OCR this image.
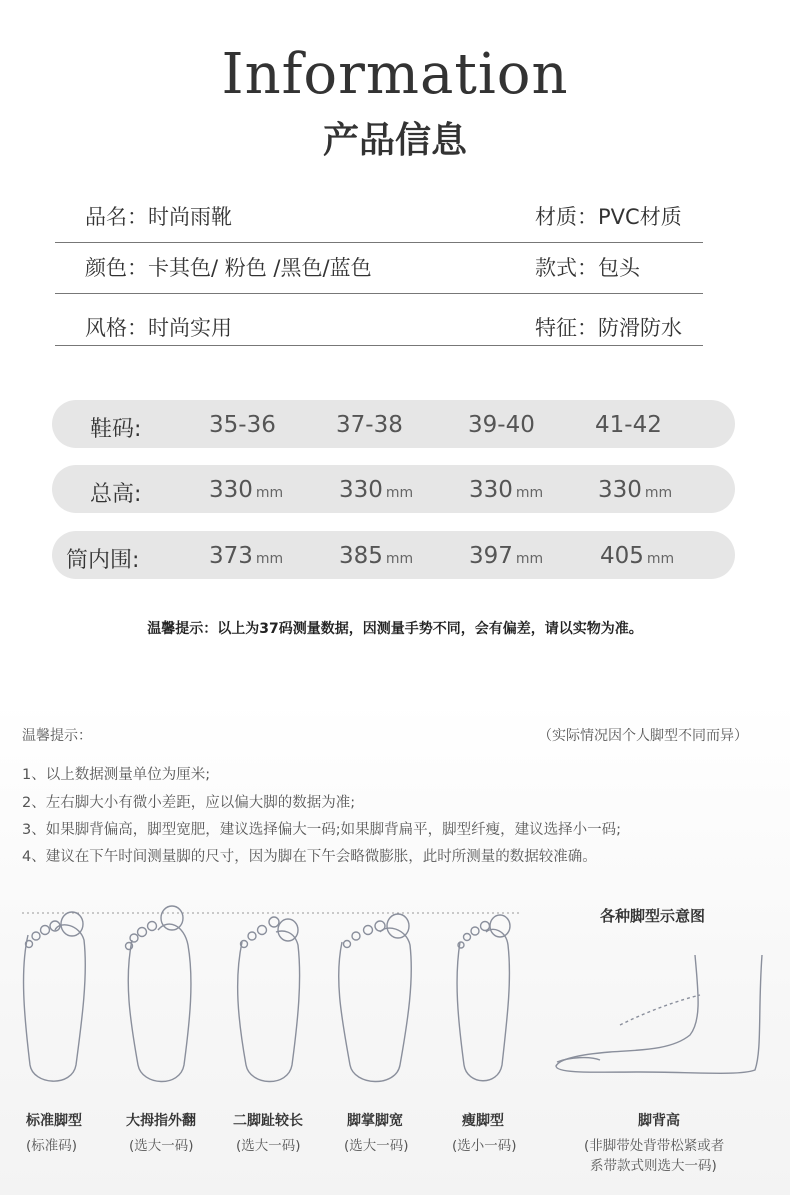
Information
产品信息
品名：时尚雨靴	材质：PVC材质
颜色：卡其色/ 粉色 /黑色/蓝色	款式：包头
风格：时尚实用	特征：防滑防水
鞋码:	35-36	37-38	39-40	41-42
总高:	330 mm 330 mm 330 mm 330 mm
筒内围:	373 mm 385 mm 397 mm 405 mm
温馨提示：以上为37码测量数据，因测量手势不同，会有偏差，请以实物为准。
温馨提示：	（实际情况因个人脚型不同而异）
1、以上数据测量单位为厘米;
2、左右脚大小有微小差距，应以偏大脚的数据为准;
3、如果脚背偏高，脚型宽肥，建议选择偏大一码;如果脚背扁平，脚型纤瘦，建议选择小一码;
4、建议在下午时间测量脚的尺寸，因为脚在下午会略微膨胀，此时所测量的数据较准确。
各种脚型示意图
标准脚型
(标准码)
大拇指外翻
(选大一码)
二脚趾较长
(选大一码)
脚掌脚宽
(选大一码)
瘦脚型
(选小一码)
脚背高
(非脚带处背带松紧或者
系带款式则选大一码)
